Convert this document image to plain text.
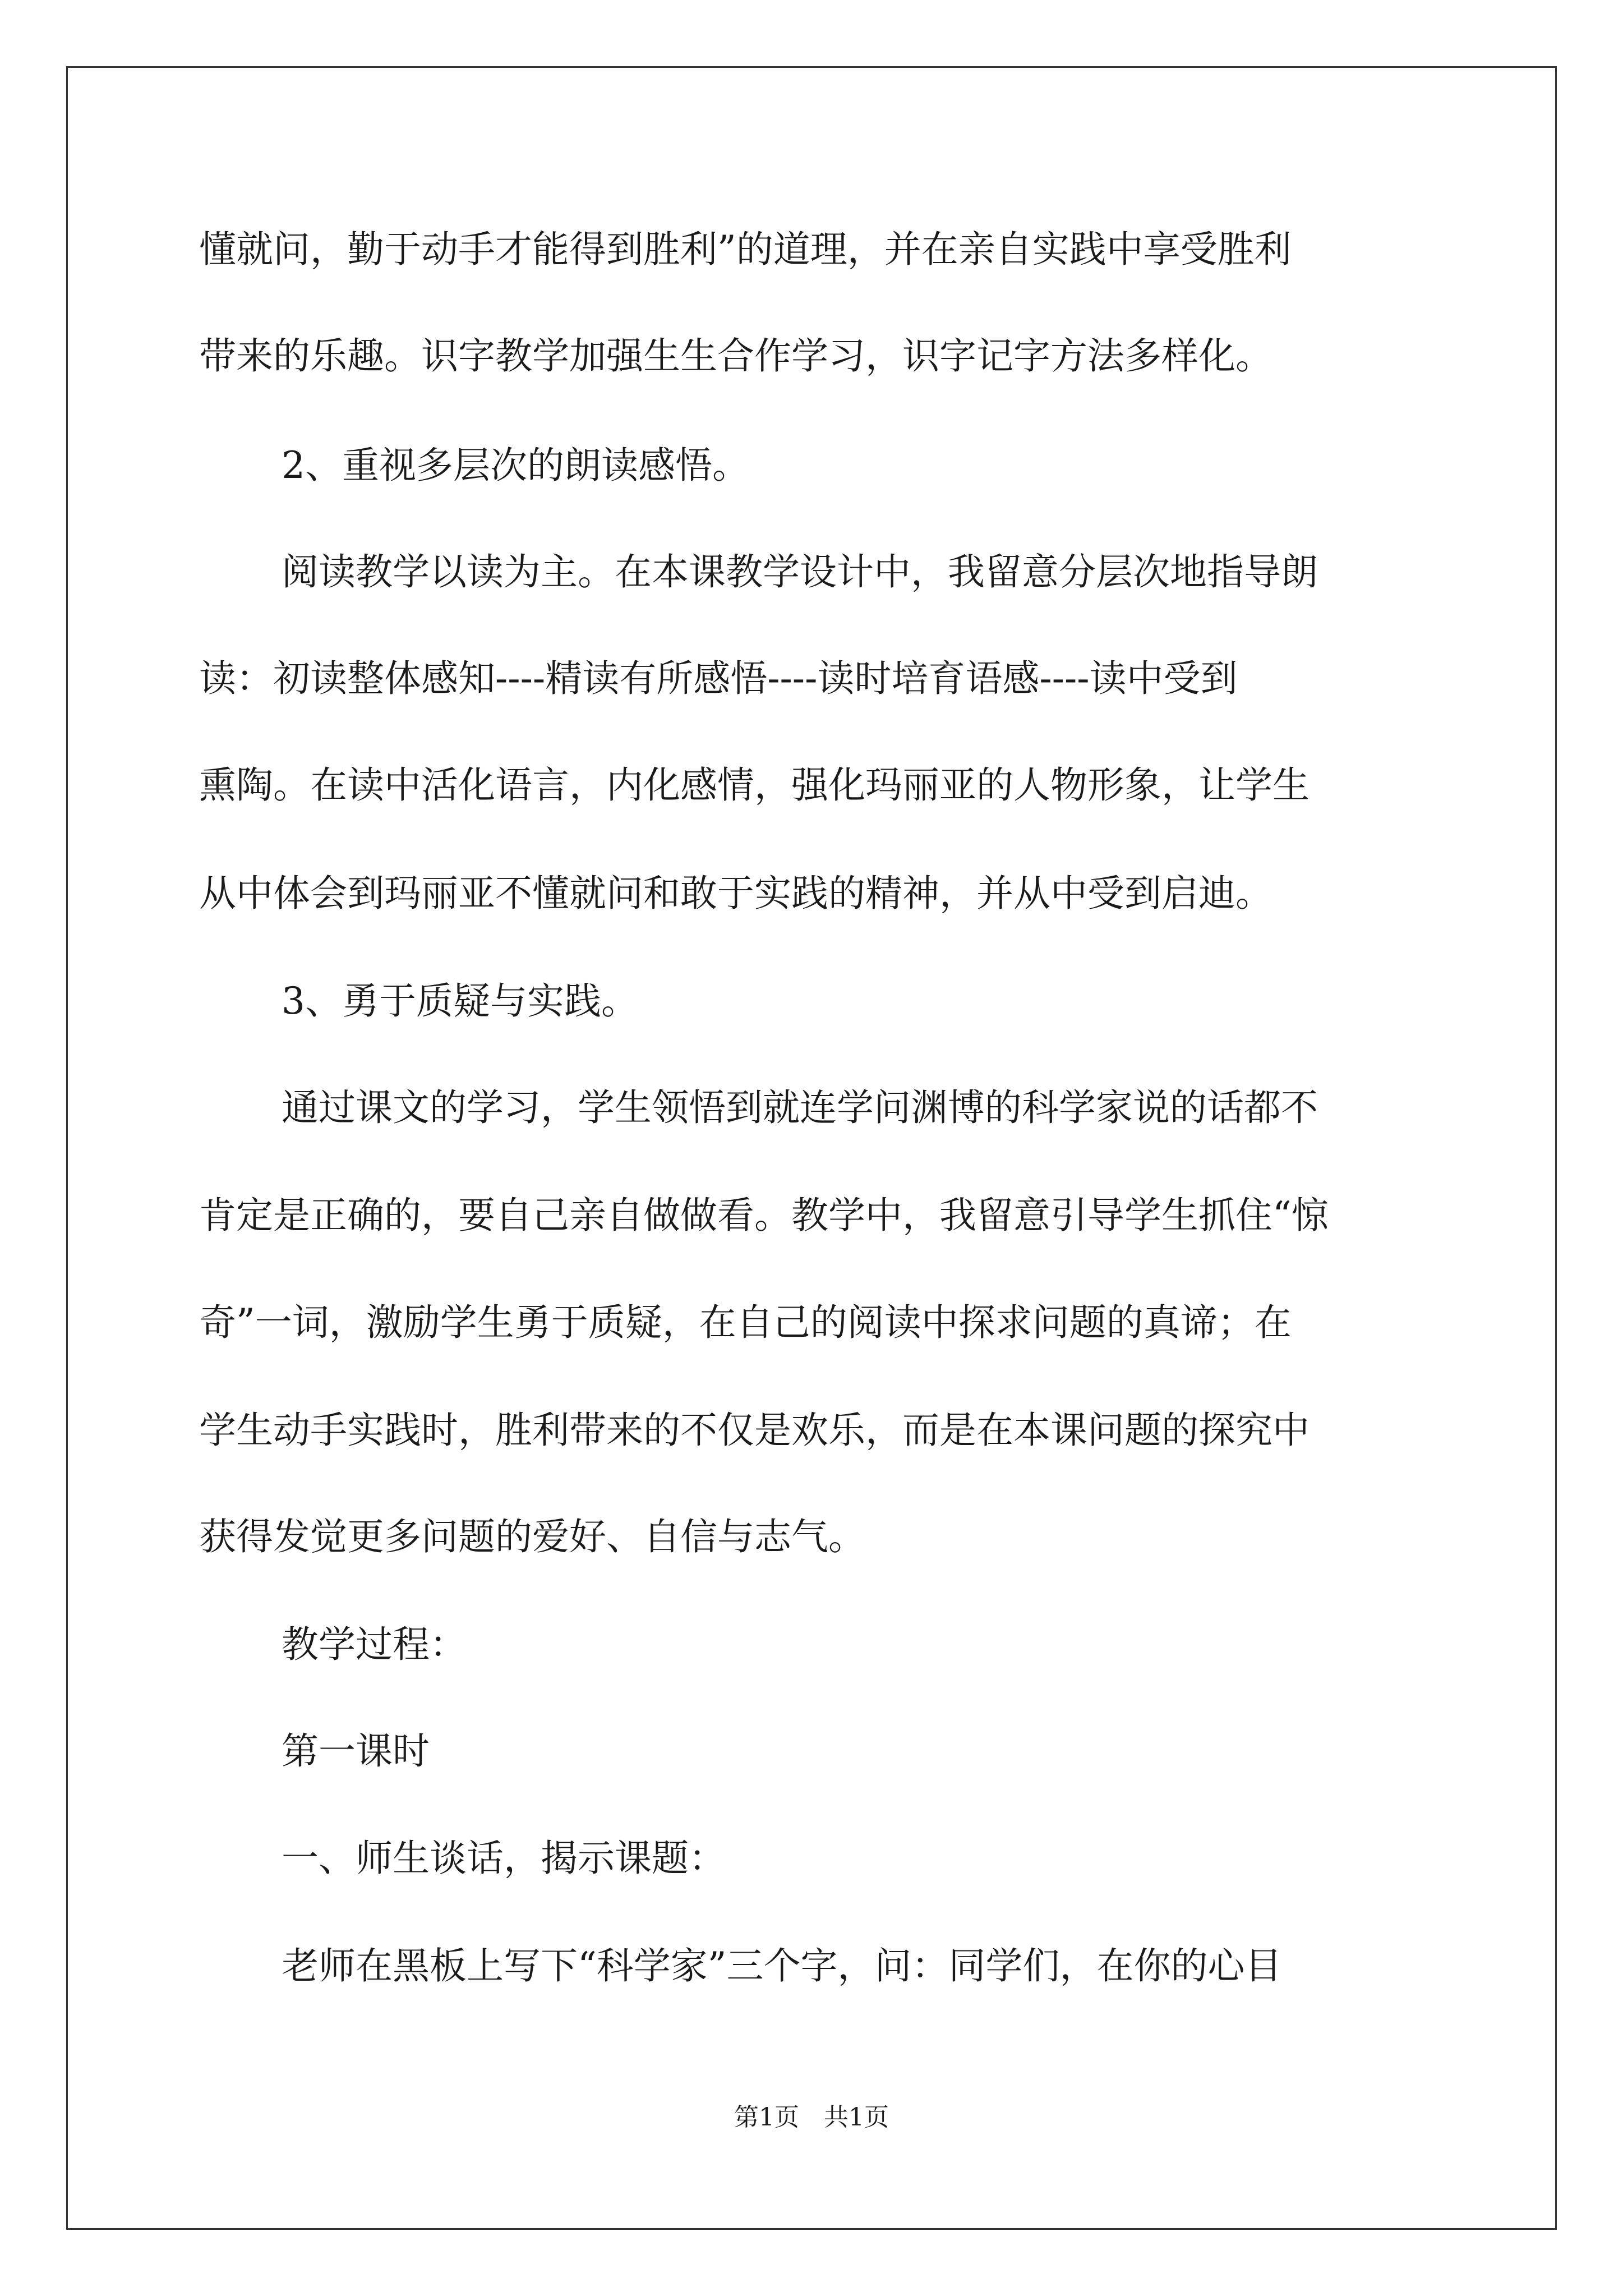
懂就问，勤于动手才能得到胜利”的道理，并在亲自实践中享受胜利

带来的乐趣。识字教学加强生生合作学习，识字记字方法多样化。

2、重视多层次的朗读感悟。

阅读教学以读为主。在本课教学设计中，我留意分层次地指导朗

读：初读整体感知----精读有所感悟----读时培育语感----读中受到

熏陶。在读中活化语言，内化感情，强化玛丽亚的人物形象，让学生

从中体会到玛丽亚不懂就问和敢于实践的精神，并从中受到启迪。

3、勇于质疑与实践。

通过课文的学习，学生领悟到就连学问渊博的科学家说的话都不

肯定是正确的，要自己亲自做做看。教学中，我留意引导学生抓住“惊

奇”一词，激励学生勇于质疑，在自己的阅读中探求问题的真谛；在

学生动手实践时，胜利带来的不仅是欢乐，而是在本课问题的探究中

获得发觉更多问题的爱好、自信与志气。

教学过程：

第一课时

一、师生谈话，揭示课题：

老师在黑板上写下“科学家”三个字，问：同学们，在你的心目

第1页　共1页
